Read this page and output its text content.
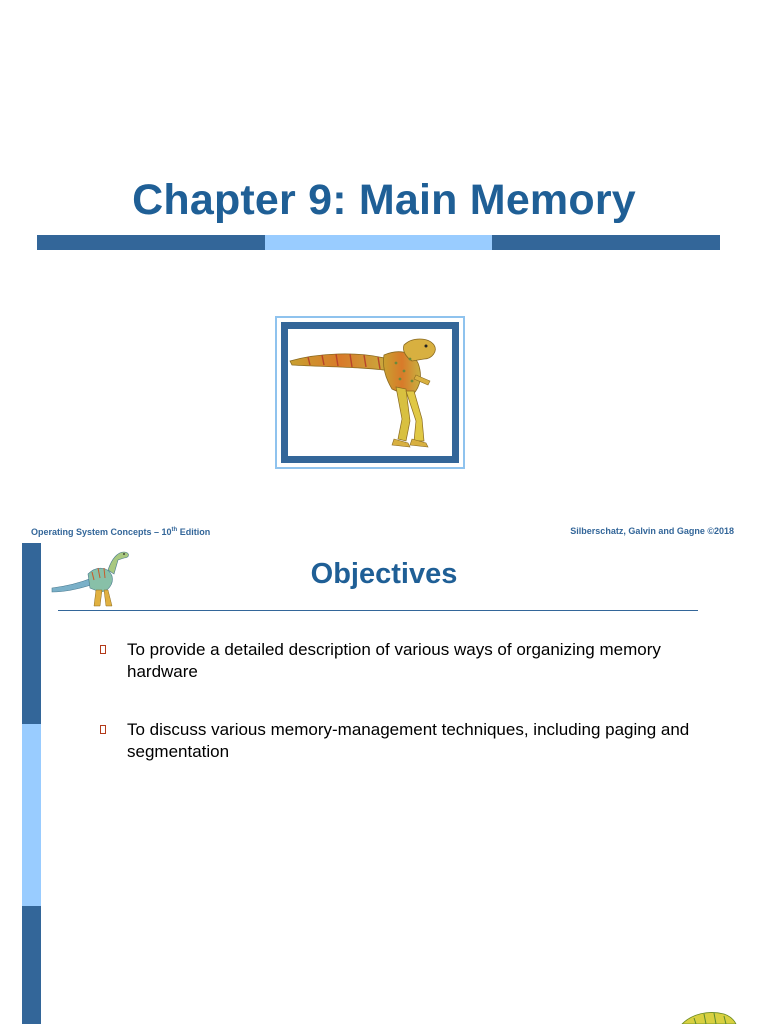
Chapter 9: Main Memory
Operating System Concepts – 10th Edition	Silberschatz, Galvin and Gagne ©2018
Objectives
To provide a detailed description of various ways of organizing memory hardware
To discuss various memory-management techniques, including paging and segmentation
